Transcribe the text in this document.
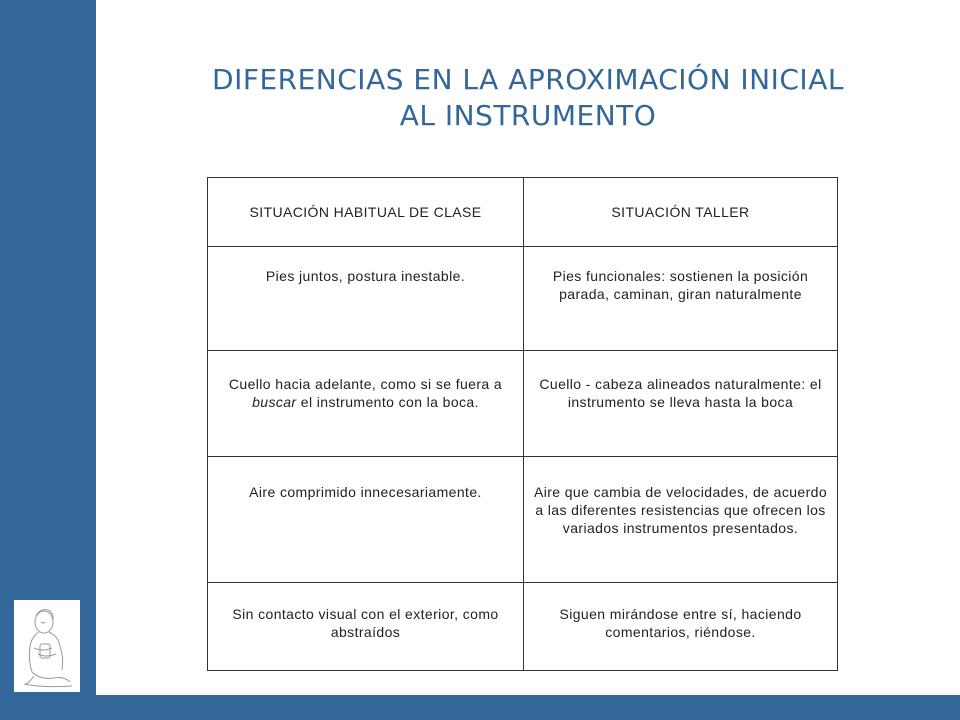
DIFERENCIAS EN LA APROXIMACIÓN INICIAL
AL INSTRUMENTO
SITUACIÓN HABITUAL DE CLASE	SITUACIÓN TALLER

Pies juntos, postura inestable.	Pies funcionales: sostienen la posición parada, caminan, giran naturalmente

Cuello hacia adelante, como si se fuera a buscar el instrumento con la boca.	Cuello - cabeza alineados naturalmente: el instrumento se lleva hasta la boca

Aire comprimido innecesariamente.	Aire que cambia de velocidades, de acuerdo a las diferentes resistencias que ofrecen los variados instrumentos presentados.

Sin contacto visual con el exterior, como abstraídos	Siguen mirándose entre sí, haciendo comentarios, riéndose.
